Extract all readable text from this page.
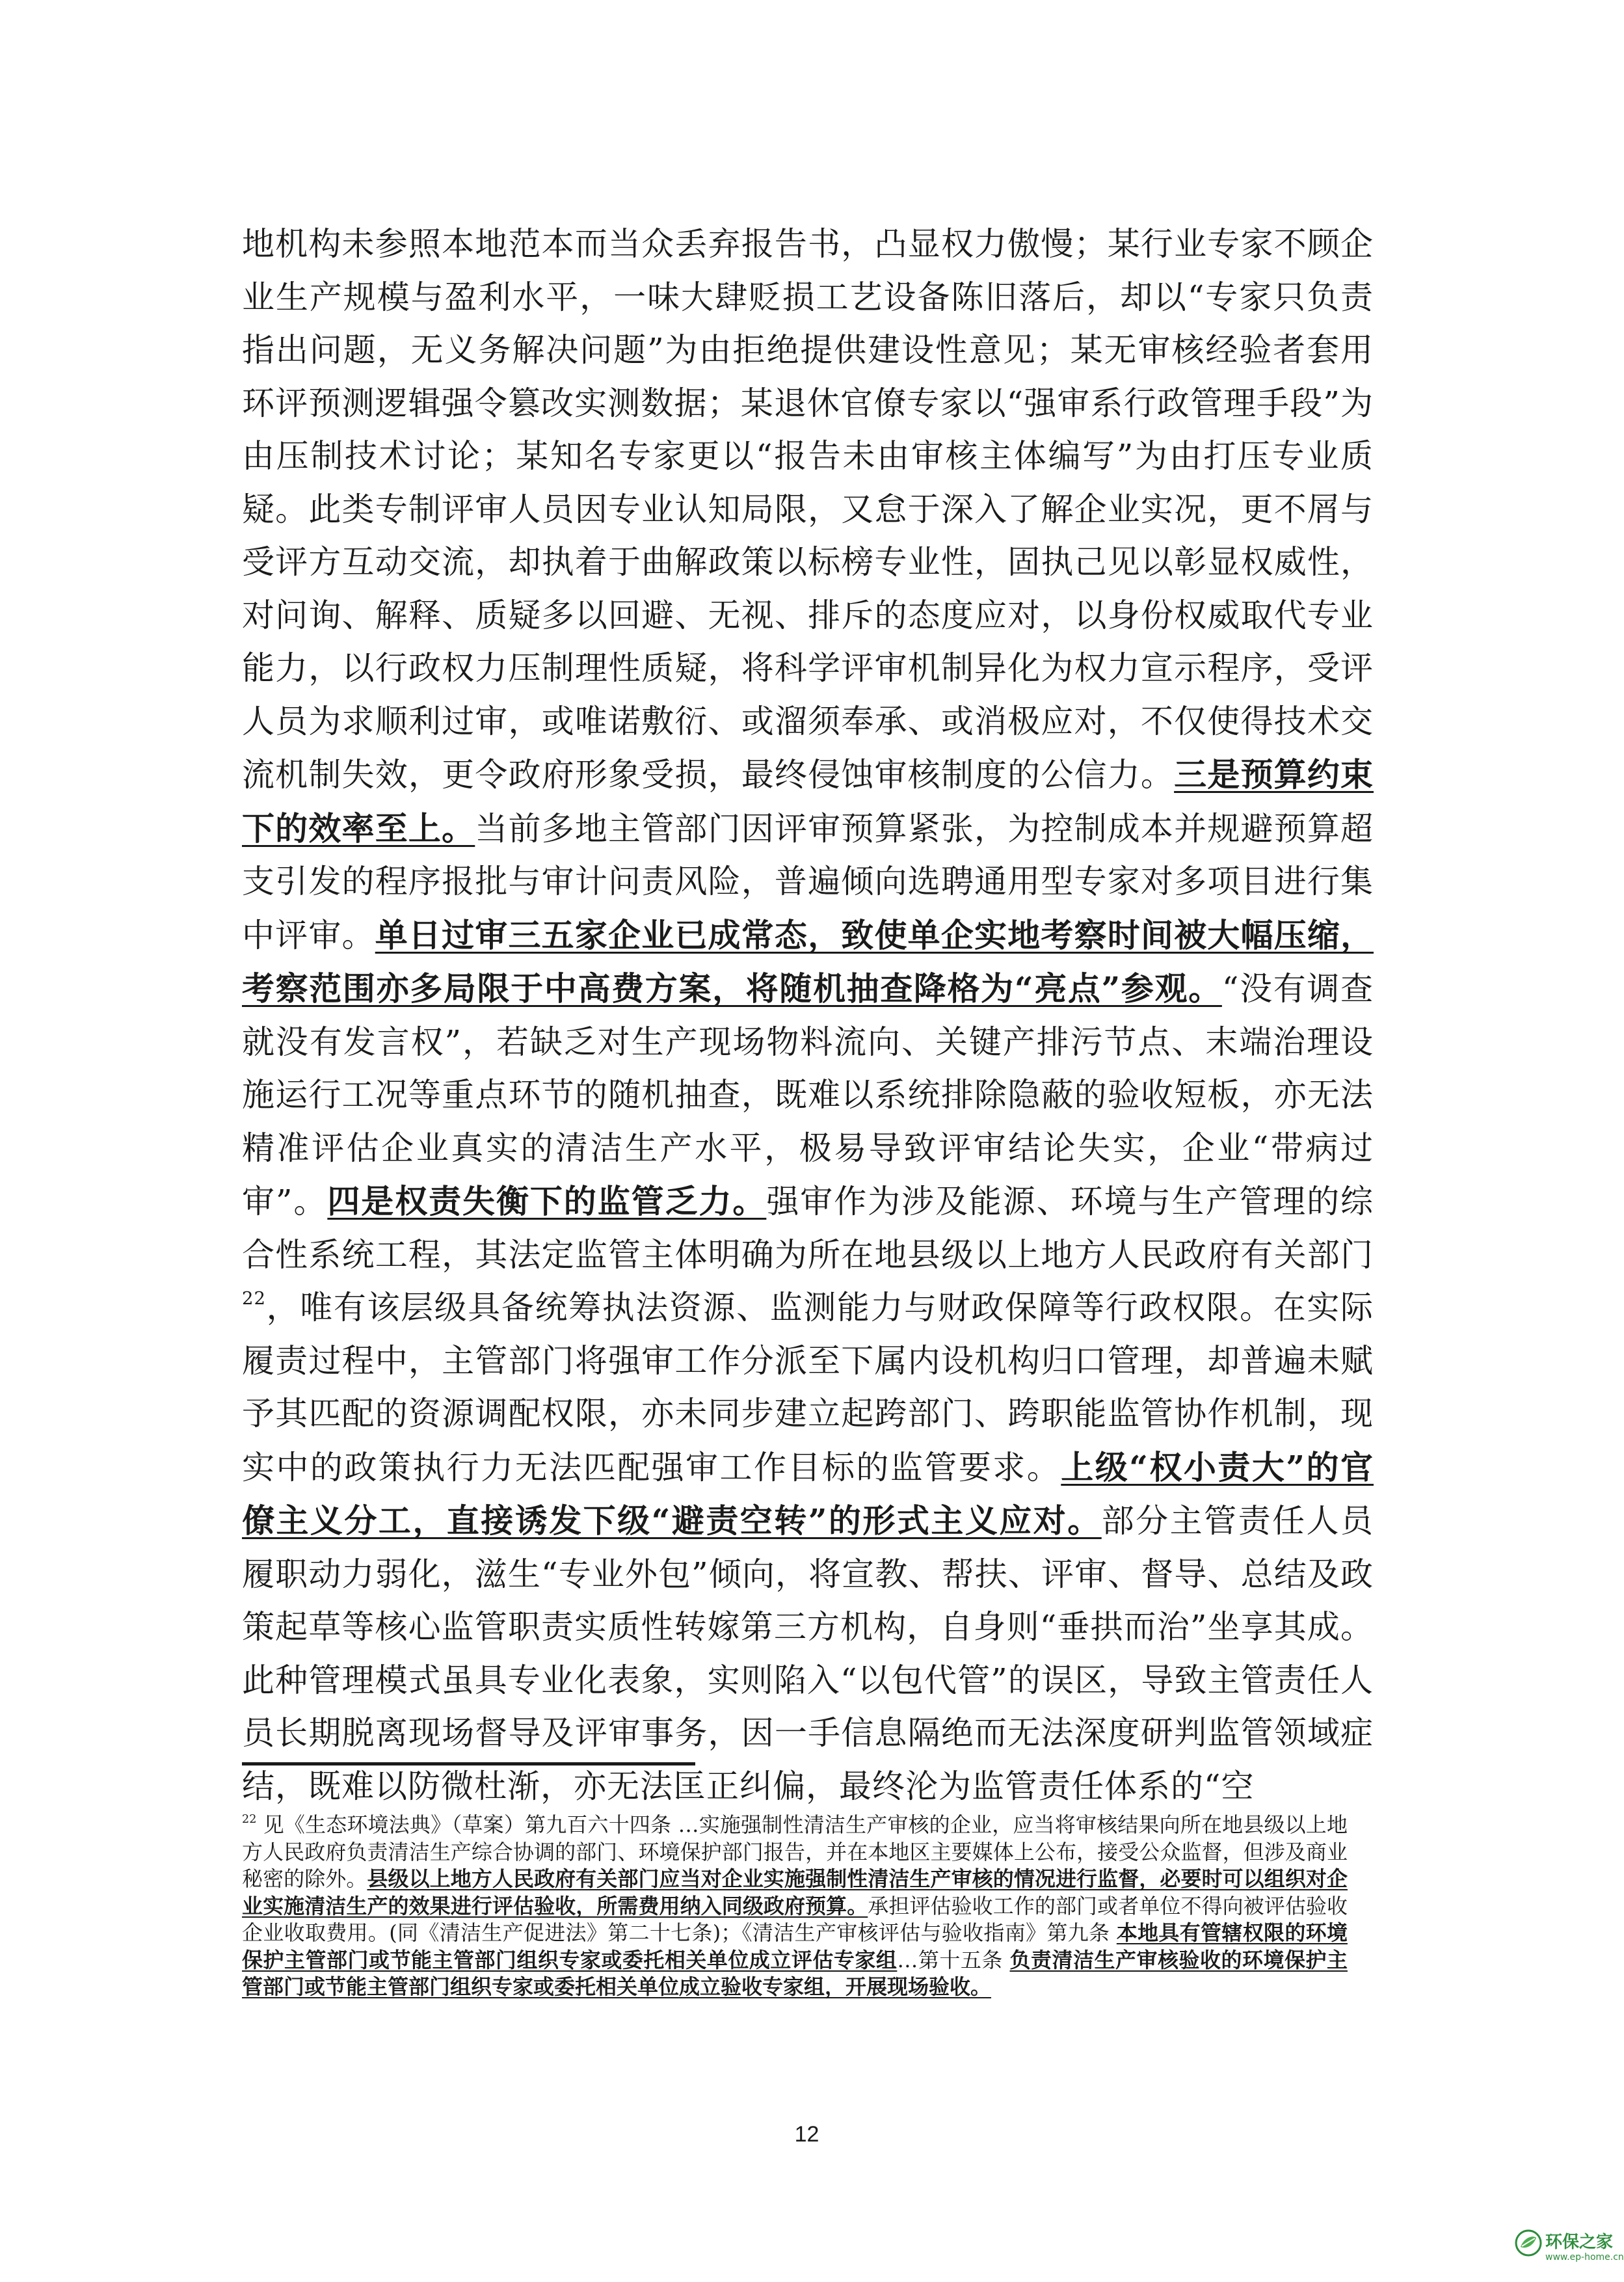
地机构未参照本地范本而当众丢弃报告书，凸显权力傲慢；某行业专家不顾企业生产规模与盈利水平，一味大肆贬损工艺设备陈旧落后，却以“专家只负责指出问题，无义务解决问题”为由拒绝提供建设性意见；某无审核经验者套用环评预测逻辑强令篡改实测数据；某退休官僚专家以“强审系行政管理手段”为由压制技术讨论；某知名专家更以“报告未由审核主体编写”为由打压专业质疑。此类专制评审人员因专业认知局限，又怠于深入了解企业实况，更不屑与受评方互动交流，却执着于曲解政策以标榜专业性，固执己见以彰显权威性，对问询、解释、质疑多以回避、无视、排斥的态度应对，以身份权威取代专业能力，以行政权力压制理性质疑，将科学评审机制异化为权力宣示程序，受评人员为求顺利过审，或唯诺敷衍、或溜须奉承、或消极应对，不仅使得技术交流机制失效，更令政府形象受损，最终侵蚀审核制度的公信力。三是预算约束下的效率至上。当前多地主管部门因评审预算紧张，为控制成本并规避预算超支引发的程序报批与审计问责风险，普遍倾向选聘通用型专家对多项目进行集中评审。单日过审三五家企业已成常态，致使单企实地考察时间被大幅压缩，考察范围亦多局限于中高费方案，将随机抽查降格为“亮点”参观。“没有调查就没有发言权”，若缺乏对生产现场物料流向、关键产排污节点、末端治理设施运行工况等重点环节的随机抽查，既难以系统排除隐蔽的验收短板，亦无法精准评估企业真实的清洁生产水平，极易导致评审结论失实，企业“带病过审”。四是权责失衡下的监管乏力。强审作为涉及能源、环境与生产管理的综合性系统工程，其法定监管主体明确为所在地县级以上地方人民政府有关部门$^{22}$，唯有该层级具备统筹执法资源、监测能力与财政保障等行政权限。在实际履责过程中，主管部门将强审工作分派至下属内设机构归口管理，却普遍未赋予其匹配的资源调配权限，亦未同步建立起跨部门、跨职能监管协作机制，现实中的政策执行力无法匹配强审工作目标的监管要求。上级“权小责大”的官僚主义分工，直接诱发下级“避责空转”的形式主义应对。部分主管责任人员履职动力弱化，滋生“专业外包”倾向，将宣教、帮扶、评审、督导、总结及政策起草等核心监管职责实质性转嫁第三方机构，自身则“垂拱而治”坐享其成。此种管理模式虽具专业化表象，实则陷入“以包代管”的误区，导致主管责任人员长期脱离现场督导及评审事务，因一手信息隔绝而无法深度研判监管领域症结，既难以防微杜渐，亦无法匡正纠偏，最终沦为监管责任体系的“空
$^{22}$ 见《生态环境法典》（草案）第九百六十四条 …实施强制性清洁生产审核的企业，应当将审核结果向所在地县级以上地方人民政府负责清洁生产综合协调的部门、环境保护部门报告，并在本地区主要媒体上公布，接受公众监督，但涉及商业秘密的除外。县级以上地方人民政府有关部门应当对企业实施强制性清洁生产审核的情况进行监督，必要时可以组织对企业实施清洁生产的效果进行评估验收，所需费用纳入同级政府预算。承担评估验收工作的部门或者单位不得向被评估验收企业收取费用。(同《清洁生产促进法》第二十七条)；《清洁生产审核评估与验收指南》第九条 本地具有管辖权限的环境保护主管部门或节能主管部门组织专家或委托相关单位成立评估专家组…第十五条 负责清洁生产审核验收的环境保护主管部门或节能主管部门组织专家或委托相关单位成立验收专家组，开展现场验收。
12
环保之家
www.ep-home.cn
